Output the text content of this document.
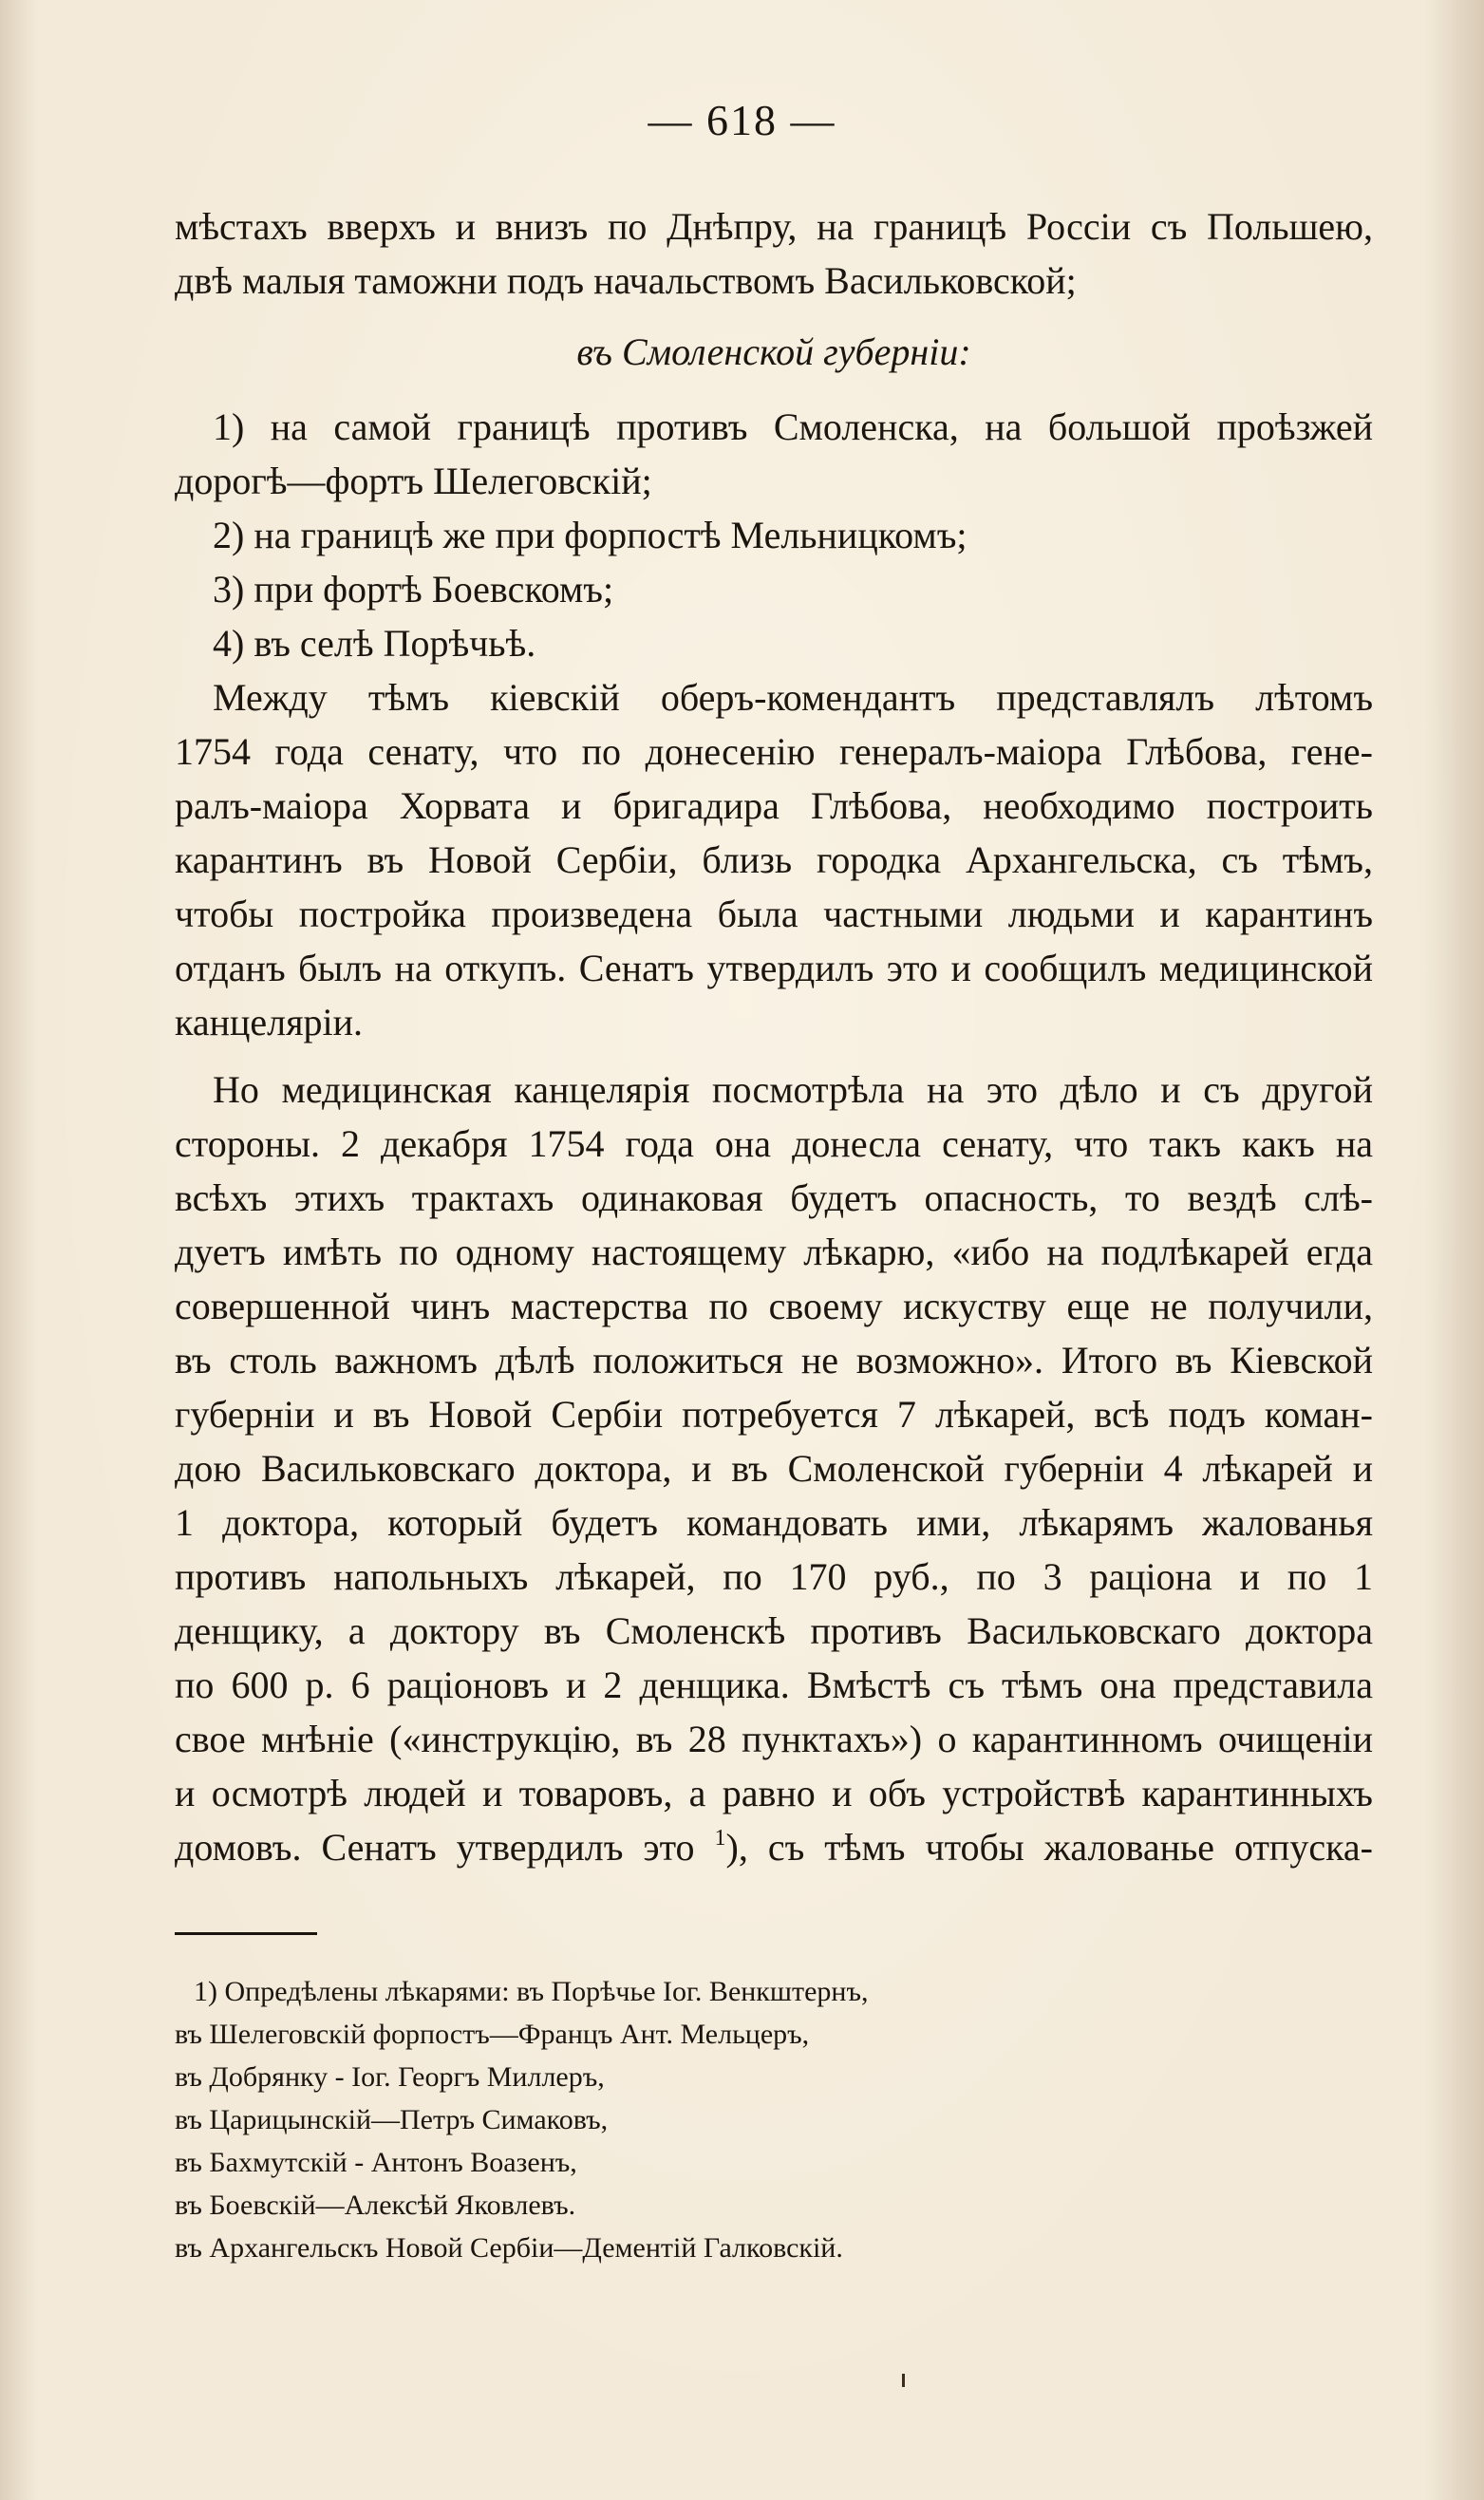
— 618 —
мѣстахъ вверхъ и внизъ по Днѣпру, на границѣ Россіи съ Польшею,
двѣ малыя таможни подъ начальствомъ Васильковской;
въ Смоленской губерніи:
1) на самой границѣ противъ Смоленска, на большой проѣзжей
дорогѣ—фортъ Шелеговскій;
2) на границѣ же при форпостѣ Мельницкомъ;
3) при фортѣ Боевскомъ;
4) въ селѣ Порѣчьѣ.
Между тѣмъ кіевскій оберъ-комендантъ представлялъ лѣтомъ
1754 года сенату, что по донесенію генералъ-маіора Глѣбова, гене-
ралъ-маіора Хорвата и бригадира Глѣбова, необходимо построить
карантинъ въ Новой Сербіи, близь городка Архангельска, съ тѣмъ,
чтобы постройка произведена была частными людьми и карантинъ
отданъ былъ на откупъ. Сенатъ утвердилъ это и сообщилъ медицинской
канцеляріи.
Но медицинская канцелярія посмотрѣла на это дѣло и съ другой
стороны. 2 декабря 1754 года она донесла сенату, что такъ какъ на
всѣхъ этихъ трактахъ одинаковая будетъ опасность, то вездѣ слѣ-
дуетъ имѣть по одному настоящему лѣкарю, «ибо на подлѣкарей егда
совершенной чинъ мастерства по своему искуству еще не получили,
въ столь важномъ дѣлѣ положиться не возможно». Итого въ Кіевской
губерніи и въ Новой Сербіи потребуется 7 лѣкарей, всѣ подъ коман-
дою Васильковскаго доктора, и въ Смоленской губерніи 4 лѣкарей и
1 доктора, который будетъ командовать ими, лѣкарямъ жалованья
противъ напольныхъ лѣкарей, по 170 руб., по 3 раціона и по 1
денщику, а доктору въ Смоленскѣ противъ Васильковскаго доктора
по 600 р. 6 раціоновъ и 2 денщика. Вмѣстѣ съ тѣмъ она представила
свое мнѣніе («инструкцію, въ 28 пунктахъ») о карантинномъ очищеніи
и осмотрѣ людей и товаровъ, а равно и объ устройствѣ карантинныхъ
домовъ. Сенатъ утвердилъ это $^1$), съ тѣмъ чтобы жалованье отпуска-
1) Опредѣлены лѣкарями: въ Порѣчье Іог. Венкштернъ,
въ Шелеговскій форпостъ—Францъ Ант. Мельцеръ,
въ Добрянку - Іог. Георгъ Миллеръ,
въ Царицынскій—Петръ Симаковъ,
въ Бахмутскій - Антонъ Воазенъ,
въ Боевскій—Алексѣй Яковлевъ.
въ Архангельскъ Новой Сербіи—Дементій Галковскій.
